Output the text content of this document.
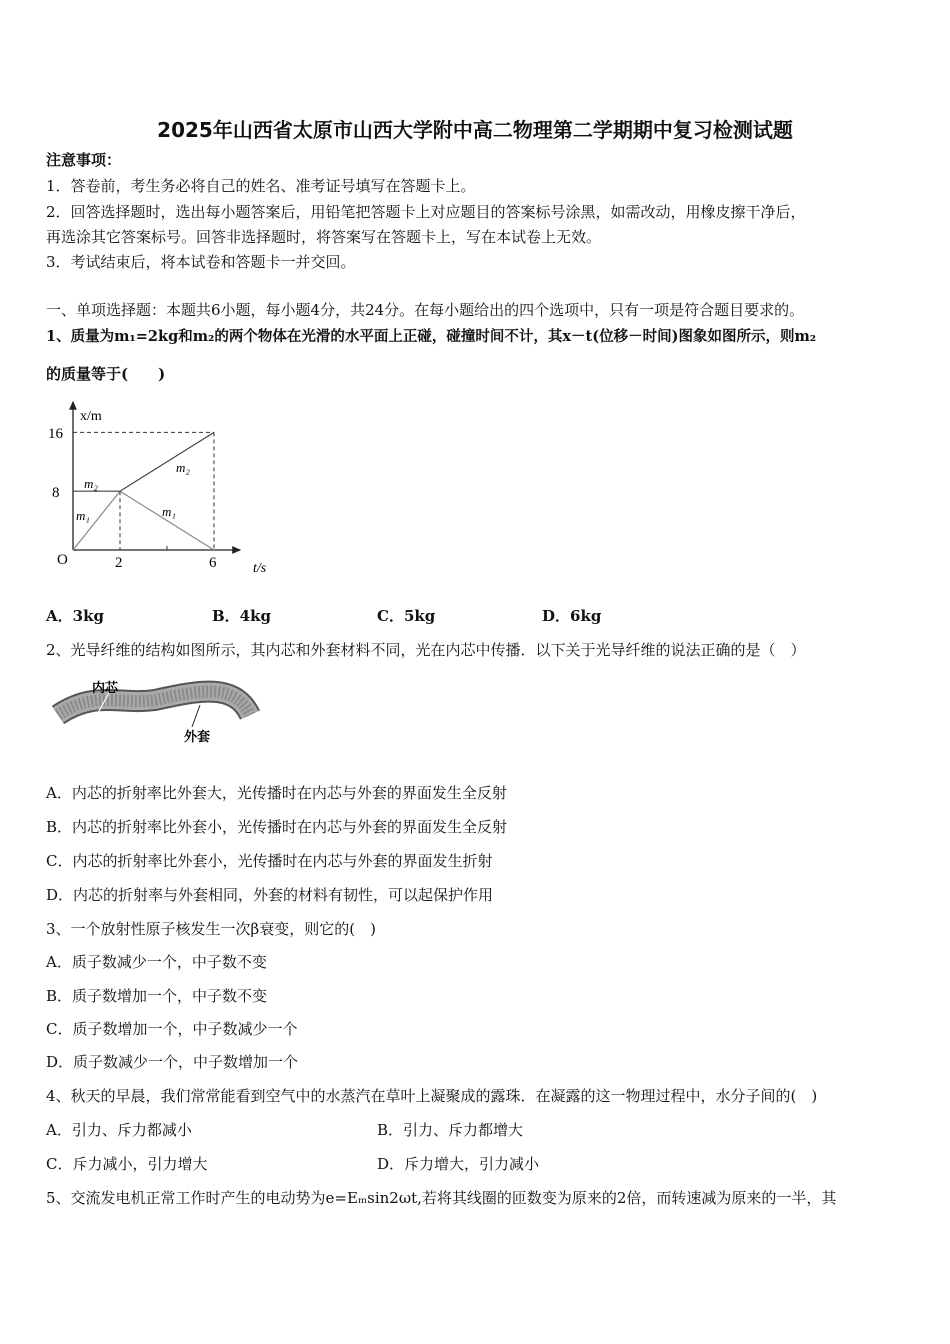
2025年山西省太原市山西大学附中高二物理第二学期期中复习检测试题
注意事项：
1．答卷前，考生务必将自己的姓名、准考证号填写在答题卡上。
2．回答选择题时，选出每小题答案后，用铅笔把答题卡上对应题目的答案标号涂黑，如需改动，用橡皮擦干净后，
再选涂其它答案标号。回答非选择题时，将答案写在答题卡上，写在本试卷上无效。
3．考试结束后，将本试卷和答题卡一并交回。
一、单项选择题：本题共6小题，每小题4分，共24分。在每小题给出的四个选项中，只有一项是符合题目要求的。
1、质量为m₁=2kg和m₂的两个物体在光滑的水平面上正碰，碰撞时间不计，其x－t(位移－时间)图象如图所示，则m₂
的质量等于(　　)
x/m
t/s
O
16
8
2	6
m₂
m₁
m₂
m₁
A．3kg	B．4kg	C．5kg	D．6kg
2、光导纤维的结构如图所示，其内芯和外套材料不同，光在内芯中传播．以下关于光导纤维的说法正确的是（　）
内芯
外套
A．内芯的折射率比外套大，光传播时在内芯与外套的界面发生全反射
B．内芯的折射率比外套小，光传播时在内芯与外套的界面发生全反射
C．内芯的折射率比外套小，光传播时在内芯与外套的界面发生折射
D．内芯的折射率与外套相同，外套的材料有韧性，可以起保护作用
3、一个放射性原子核发生一次β衰变，则它的(　)
A．质子数减少一个，中子数不变
B．质子数增加一个，中子数不变
C．质子数增加一个，中子数减少一个
D．质子数减少一个，中子数增加一个
4、秋天的早晨，我们常常能看到空气中的水蒸汽在草叶上凝聚成的露珠．在凝露的这一物理过程中，水分子间的(　)
A．引力、斥力都减小	B．引力、斥力都增大
C．斥力减小，引力增大	D．斥力增大，引力减小
5、交流发电机正常工作时产生的电动势为e=Eₘsin2ωt,若将其线圈的匝数变为原来的2倍，而转速减为原来的一半，其
